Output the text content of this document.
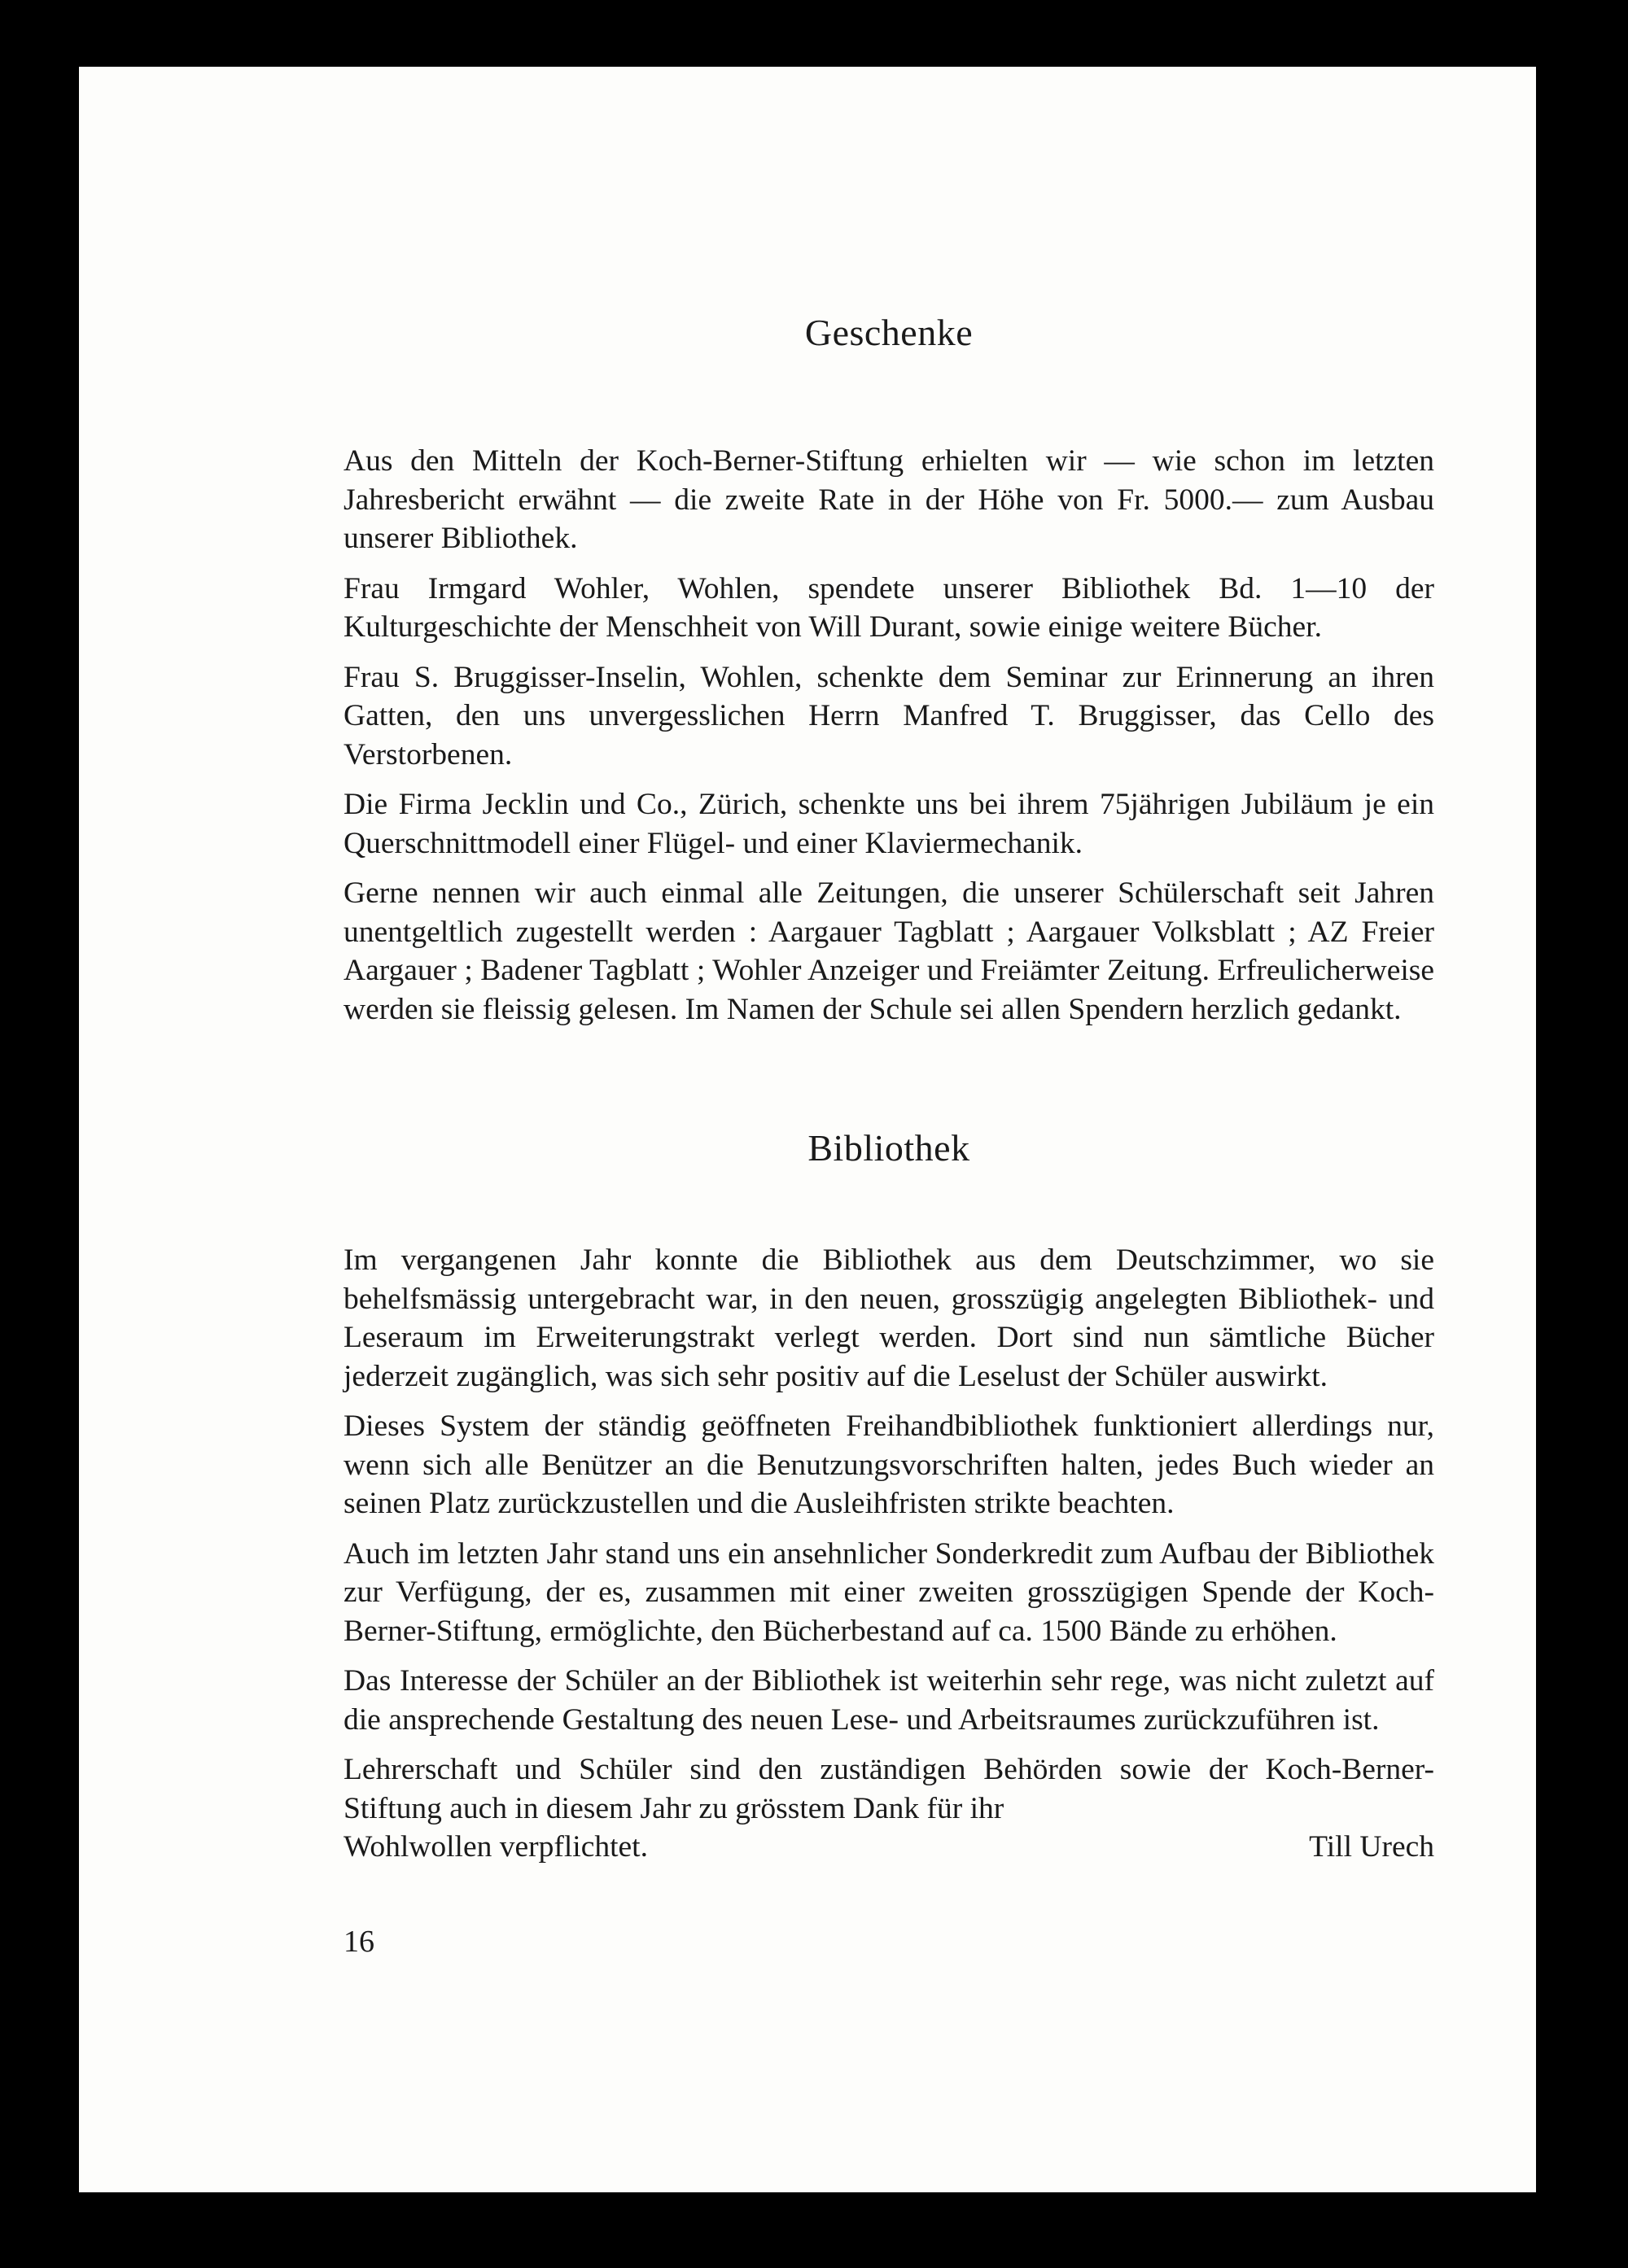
Geschenke

Aus den Mitteln der Koch-Berner-Stiftung erhielten wir — wie schon im letzten Jahresbericht erwähnt — die zweite Rate in der Höhe von Fr. 5000.— zum Ausbau unserer Bibliothek.

Frau Irmgard Wohler, Wohlen, spendete unserer Bibliothek Bd. 1—10 der Kulturgeschichte der Menschheit von Will Durant, sowie einige weitere Bücher.

Frau S. Bruggisser-Inselin, Wohlen, schenkte dem Seminar zur Erinnerung an ihren Gatten, den uns unvergesslichen Herrn Manfred T. Bruggisser, das Cello des Verstorbenen.

Die Firma Jecklin und Co., Zürich, schenkte uns bei ihrem 75jährigen Jubiläum je ein Querschnittmodell einer Flügel- und einer Klaviermechanik.

Gerne nennen wir auch einmal alle Zeitungen, die unserer Schülerschaft seit Jahren unentgeltlich zugestellt werden : Aargauer Tagblatt ; Aargauer Volksblatt ; AZ Freier Aargauer ; Badener Tagblatt ; Wohler Anzeiger und Freiämter Zeitung. Erfreulicherweise werden sie fleissig gelesen. Im Namen der Schule sei allen Spendern herzlich gedankt.

Bibliothek

Im vergangenen Jahr konnte die Bibliothek aus dem Deutschzimmer, wo sie behelfsmässig untergebracht war, in den neuen, grosszügig angelegten Bibliothek- und Leseraum im Erweiterungstrakt verlegt werden. Dort sind nun sämtliche Bücher jederzeit zugänglich, was sich sehr positiv auf die Leselust der Schüler auswirkt.

Dieses System der ständig geöffneten Freihandbibliothek funktioniert allerdings nur, wenn sich alle Benützer an die Benutzungsvorschriften halten, jedes Buch wieder an seinen Platz zurückzustellen und die Ausleihfristen strikte beachten.

Auch im letzten Jahr stand uns ein ansehnlicher Sonderkredit zum Aufbau der Bibliothek zur Verfügung, der es, zusammen mit einer zweiten grosszügigen Spende der Koch-Berner-Stiftung, ermöglichte, den Bücherbestand auf ca. 1500 Bände zu erhöhen.

Das Interesse der Schüler an der Bibliothek ist weiterhin sehr rege, was nicht zuletzt auf die ansprechende Gestaltung des neuen Lese- und Arbeitsraumes zurückzuführen ist.

Lehrerschaft und Schüler sind den zuständigen Behörden sowie der Koch-Berner-Stiftung auch in diesem Jahr zu grösstem Dank für ihr

Wohlwollen verpflichtet.	Till Urech
16
